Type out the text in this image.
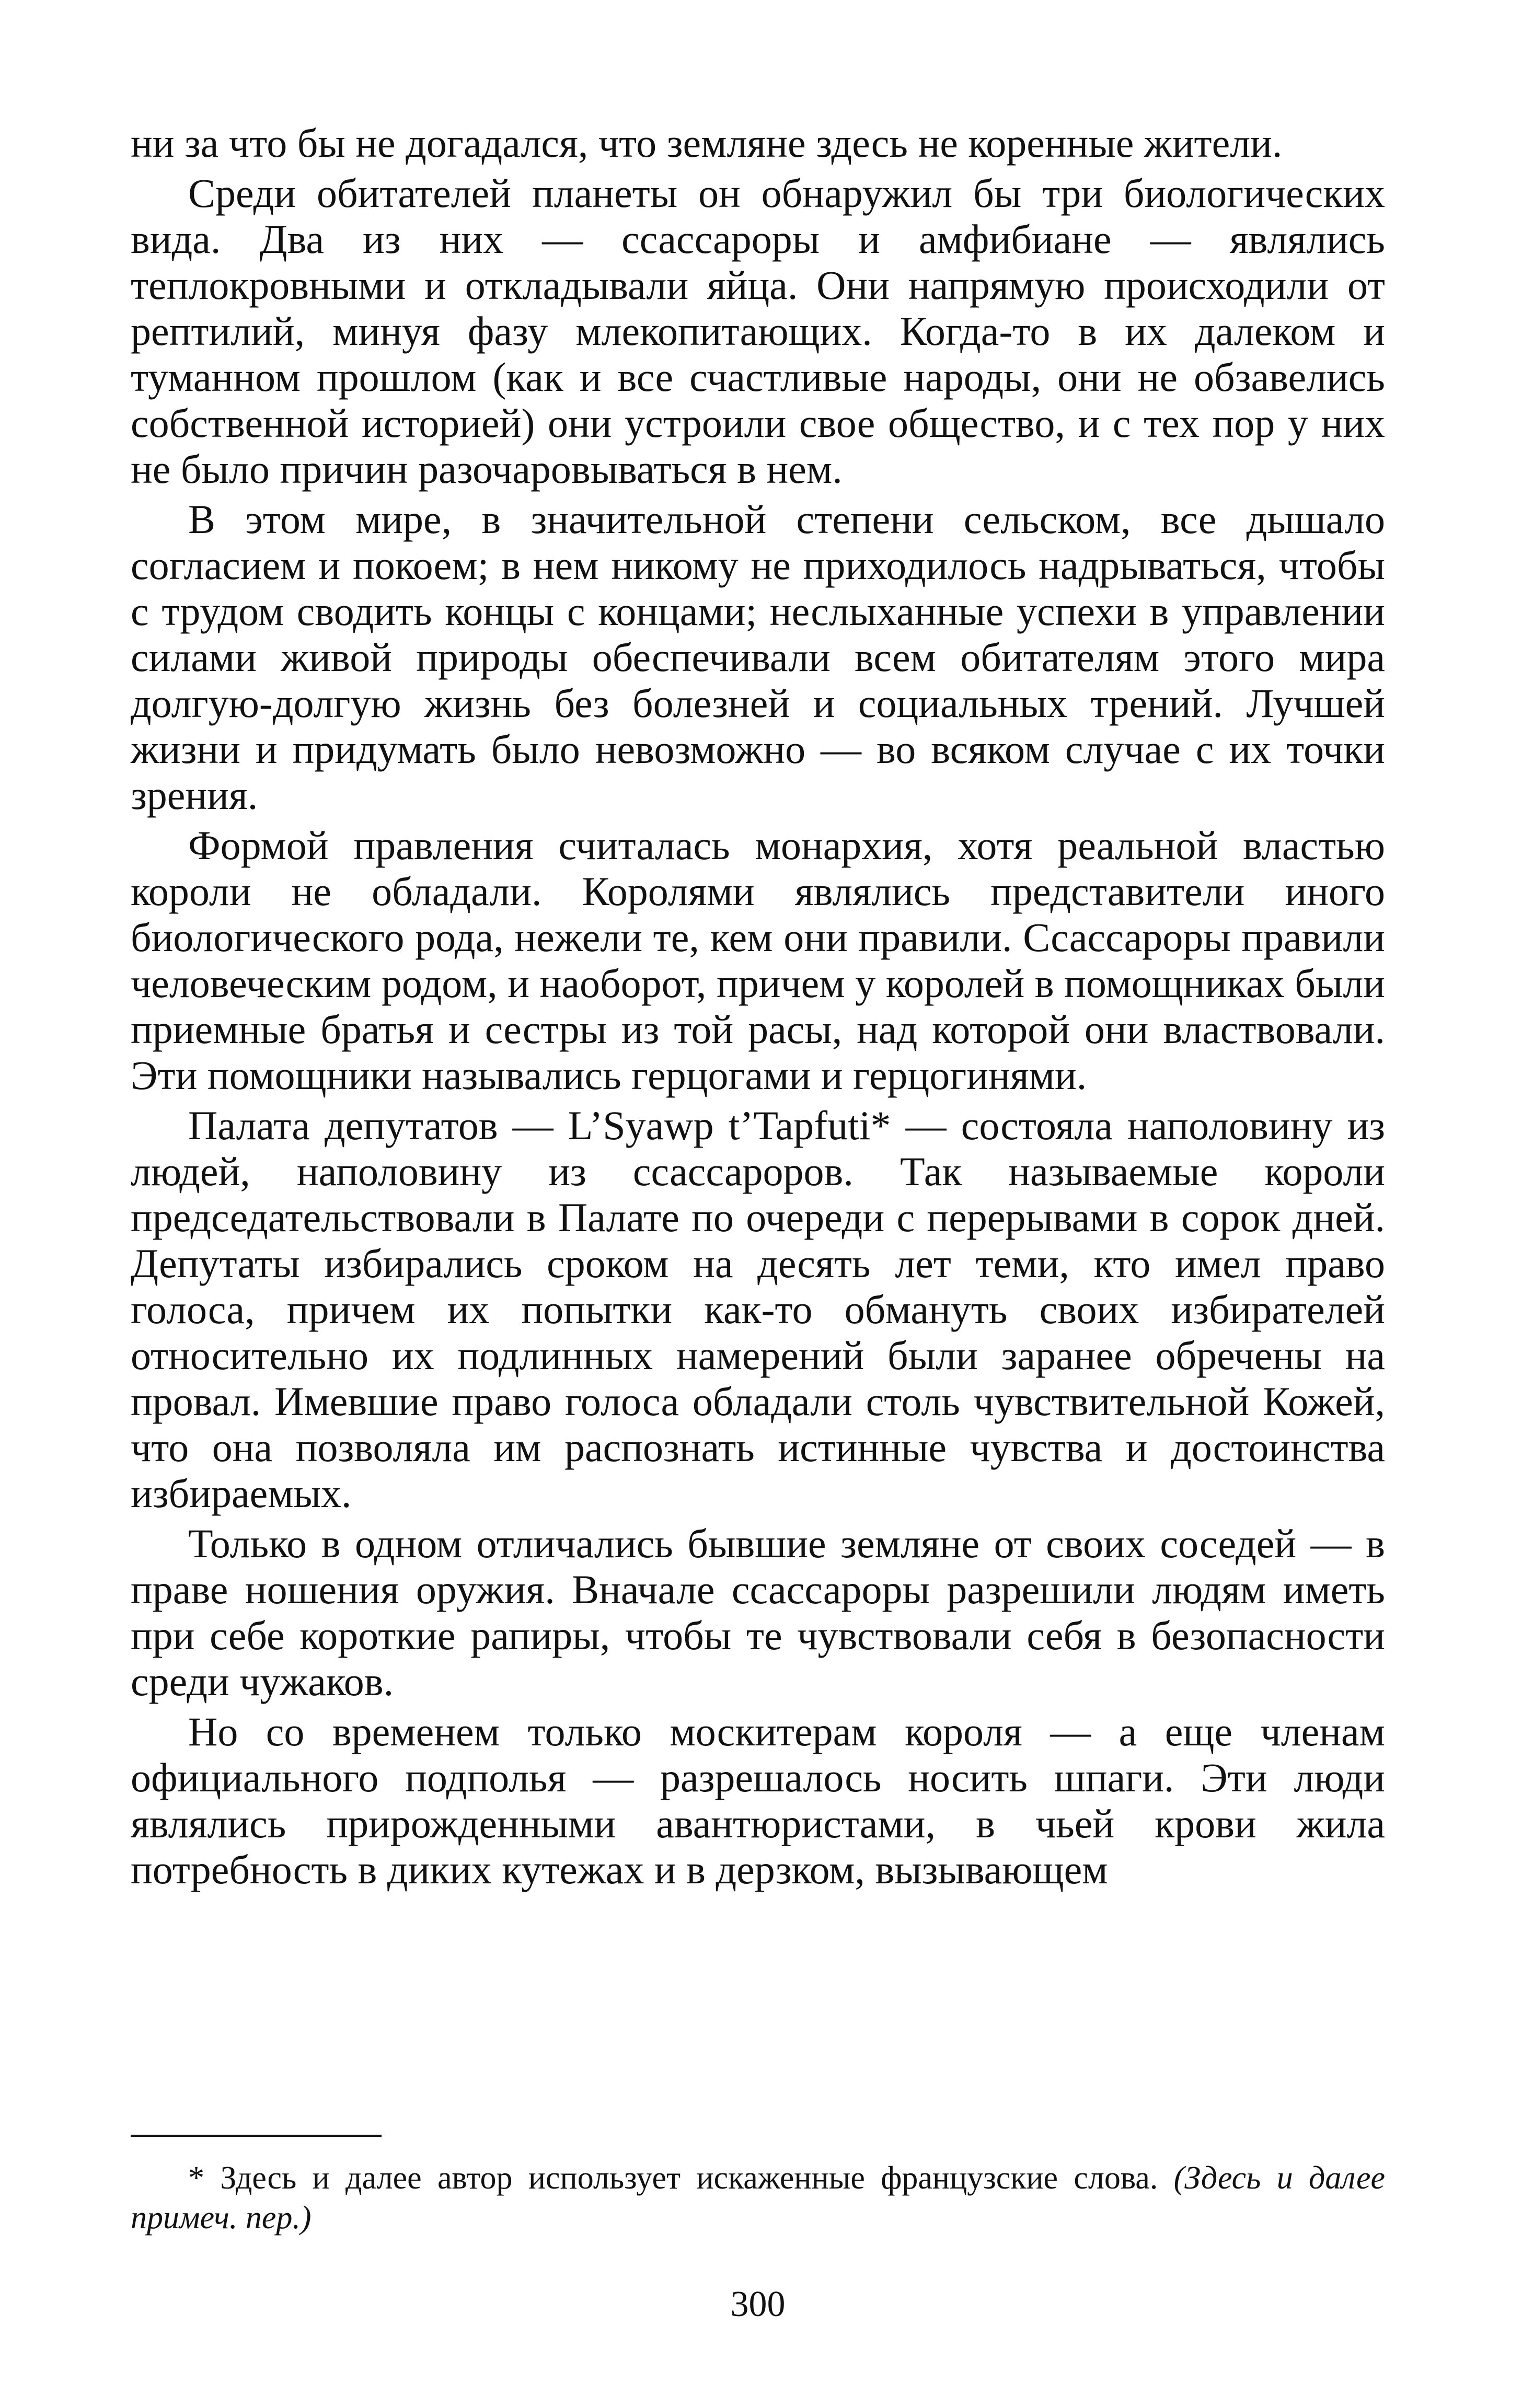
ни за что бы не догадался, что земляне здесь не коренные жители.

Среди обитателей планеты он обнаружил бы три биологических вида. Два из них — ссассароры и амфибиане — являлись теплокровными и откладывали яйца. Они напрямую происходили от рептилий, минуя фазу млекопитающих. Когда-то в их далеком и туманном прошлом (как и все счастливые народы, они не обзавелись собственной историей) они устроили свое общество, и с тех пор у них не было причин разочаровываться в нем.

В этом мире, в значительной степени сельском, все дышало согласием и покоем; в нем никому не приходилось надрываться, чтобы с трудом сводить концы с концами; неслыханные успехи в управлении силами живой природы обеспечивали всем обитателям этого мира долгую-долгую жизнь без болезней и социальных трений. Лучшей жизни и придумать было невозможно — во всяком случае с их точки зрения.

Формой правления считалась монархия, хотя реальной властью короли не обладали. Королями являлись представители иного биологического рода, нежели те, кем они правили. Ссассароры правили человеческим родом, и наоборот, причем у королей в помощниках были приемные братья и сестры из той расы, над которой они властвовали. Эти помощники назывались герцогами и герцогинями.

Палата депутатов — L’Syawp t’Tapfuti* — состояла наполовину из людей, наполовину из ссассароров. Так называемые короли председательствовали в Палате по очереди с перерывами в сорок дней. Депутаты избирались сроком на десять лет теми, кто имел право голоса, причем их попытки как-то обмануть своих избирателей относительно их подлинных намерений были заранее обречены на провал. Имевшие право голоса обладали столь чувствительной Кожей, что она позволяла им распознать истинные чувства и достоинства избираемых.

Только в одном отличались бывшие земляне от своих соседей — в праве ношения оружия. Вначале ссассароры разрешили людям иметь при себе короткие рапиры, чтобы те чувствовали себя в безопасности среди чужаков.

Но со временем только москитерам короля — а еще членам официального подполья — разрешалось носить шпаги. Эти люди являлись прирожденными авантюристами, в чьей крови жила потребность в диких кутежах и в дерзком, вызывающем

* Здесь и далее автор использует искаженные французские слова. (Здесь и далее примеч. пер.)
300
